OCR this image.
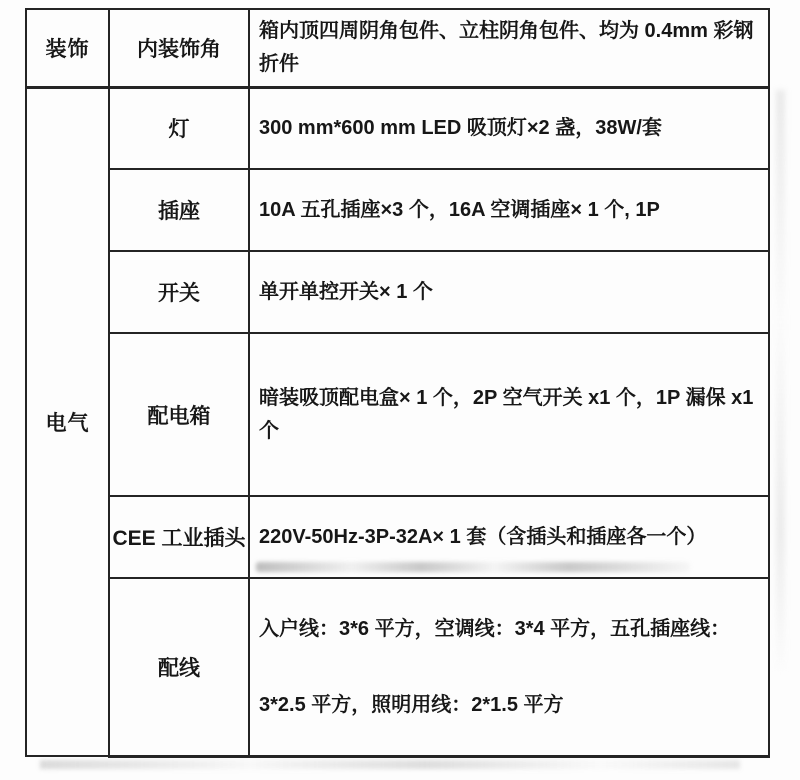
装饰	内装饰角	箱内顶四周阴角包件、立柱阴角包件、均为 0.4mm 彩钢折件
电气	灯	300 mm*600 mm LED 吸顶灯×2 盏，38W/套
	插座	10A 五孔插座×3 个，16A 空调插座× 1 个, 1P
	开关	单开单控开关× 1 个
	配电箱	暗装吸顶配电盒× 1 个，2P 空气开关 x1 个，1P 漏保 x1 个
	CEE 工业插头	220V-50Hz-3P-32A× 1 套（含插头和插座各一个）
	配线	入户线：3*6 平方，空调线：3*4 平方，五孔插座线：3*2.5 平方，照明用线：2*1.5 平方
